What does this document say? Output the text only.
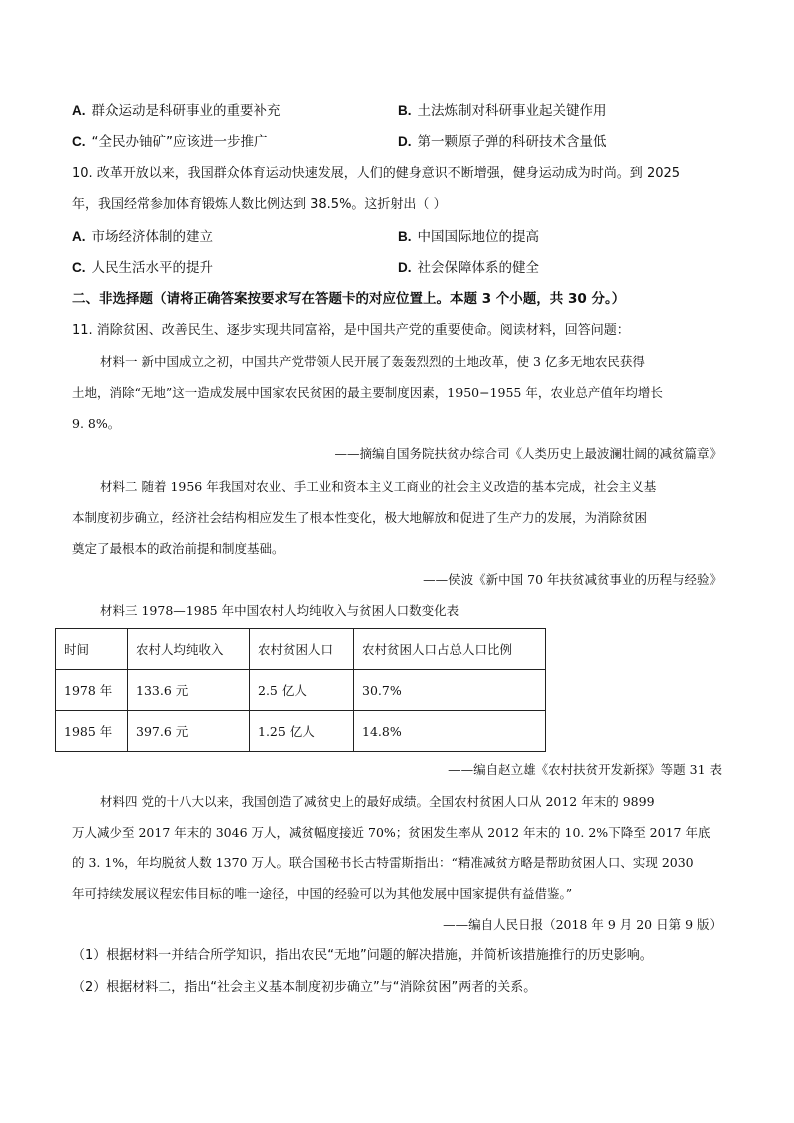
A. 群众运动是科研事业的重要补充	B. 土法炼制对科研事业起关键作用
C. “全民办铀矿”应该进一步推广	D. 第一颗原子弹的科研技术含量低
10. 改革开放以来，我国群众体育运动快速发展，人们的健身意识不断增强，健身运动成为时尚。到 2025
年，我国经常参加体育锻炼人数比例达到 38.5%。这折射出（ ）
A. 市场经济体制的建立	B. 中国国际地位的提高
C. 人民生活水平的提升	D. 社会保障体系的健全
二、非选择题（请将正确答案按要求写在答题卡的对应位置上。本题 3 个小题，共 30 分。）
11. 消除贫困、改善民生、逐步实现共同富裕，是中国共产党的重要使命。阅读材料，回答问题：
材料一 新中国成立之初，中国共产党带领人民开展了轰轰烈烈的土地改革，使 3 亿多无地农民获得
土地，消除“无地”这一造成发展中国家农民贫困的最主要制度因素，1950−1955 年，农业总产值年均增长
9. 8%。
——摘编自国务院扶贫办综合司《人类历史上最波澜壮阔的减贫篇章》
材料二 随着 1956 年我国对农业、手工业和资本主义工商业的社会主义改造的基本完成，社会主义基
本制度初步确立，经济社会结构相应发生了根本性变化，极大地解放和促进了生产力的发展，为消除贫困
奠定了最根本的政治前提和制度基础。
——侯波《新中国 70 年扶贫减贫事业的历程与经验》
材料三 1978—1985 年中国农村人均纯收入与贫困人口数变化表
时间	农村人均纯收入	农村贫困人口	农村贫困人口占总人口比例
1978 年	133.6 元	2.5 亿人	30.7%
1985 年	397.6 元	1.25 亿人	14.8%
——编自赵立雄《农村扶贫开发新探》等题 31 表
材料四 党的十八大以来，我国创造了减贫史上的最好成绩。全国农村贫困人口从 2012 年末的 9899
万人减少至 2017 年末的 3046 万人，减贫幅度接近 70%；贫困发生率从 2012 年末的 10. 2%下降至 2017 年底
的 3. 1%，年均脱贫人数 1370 万人。联合国秘书长古特雷斯指出：“精准减贫方略是帮助贫困人口、实现 2030
年可持续发展议程宏伟目标的唯一途径，中国的经验可以为其他发展中国家提供有益借鉴。”
——编自人民日报（2018 年 9 月 20 日第 9 版）
（1）根据材料一并结合所学知识，指出农民“无地”问题的解决措施，并简析该措施推行的历史影响。
（2）根据材料二，指出“社会主义基本制度初步确立”与“消除贫困”两者的关系。
